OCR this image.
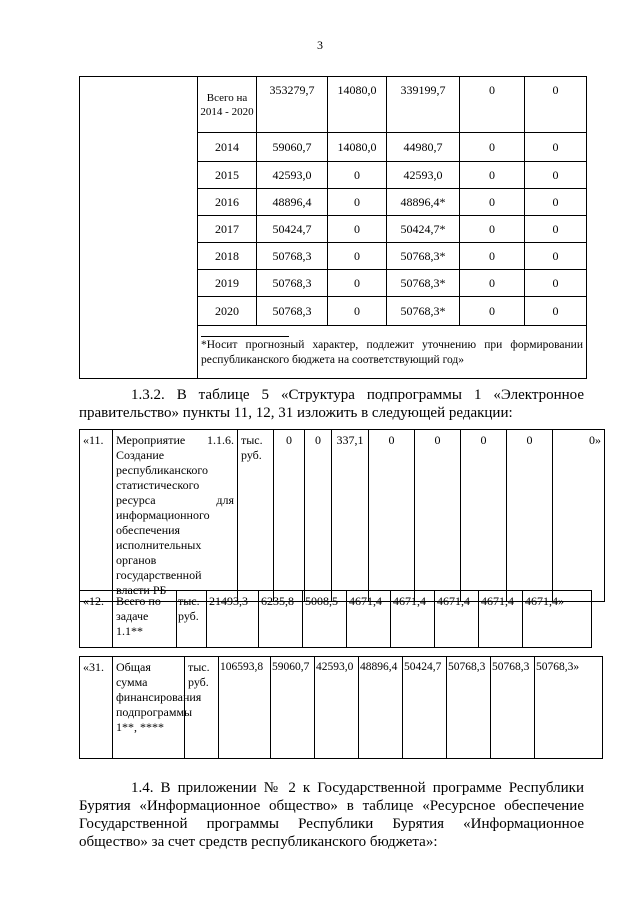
3
	Всего на 2014 - 2020	353279,7	14080,0	339199,7	0	0
	2014	59060,7	14080,0	44980,7	0	0
	2015	42593,0	0	42593,0	0	0
	2016	48896,4	0	48896,4*	0	0
	2017	50424,7	0	50424,7*	0	0
	2018	50768,3	0	50768,3*	0	0
	2019	50768,3	0	50768,3*	0	0
	2020	50768,3	0	50768,3*	0	0

	*Носит прогнозный характер, подлежит уточнению при формировании республиканского бюджета на соответствующий год»					
1.3.2. В таблице 5 «Структура подпрограммы 1 «Электронное правительство» пункты 11, 12, 31 изложить в следующей редакции:
«11.	Мероприятие 1.1.6. Создание республиканского статистического ресурса для информационного обеспечения исполнительных органов государственной власти РБ	тыс. руб.	0	0	337,1	0	0	0	0	0»
«12.	Всего по задаче 1.1**	тыс. руб.	21493,3	6235,8	5008,5	4671,4	4671,4	4671,4	4671,4	4671,4»
«31.	Общая сумма финансирования подпрограммы 1**, ****	тыс. руб.	106593,8	59060,7	42593,0	48896,4	50424,7	50768,3	50768,3	50768,3»
1.4. В приложении № 2 к Государственной программе Республики Бурятия «Информационное общество» в таблице «Ресурсное обеспечение Государственной программы Республики Бурятия «Информационное общество» за счет средств республиканского бюджета»:
